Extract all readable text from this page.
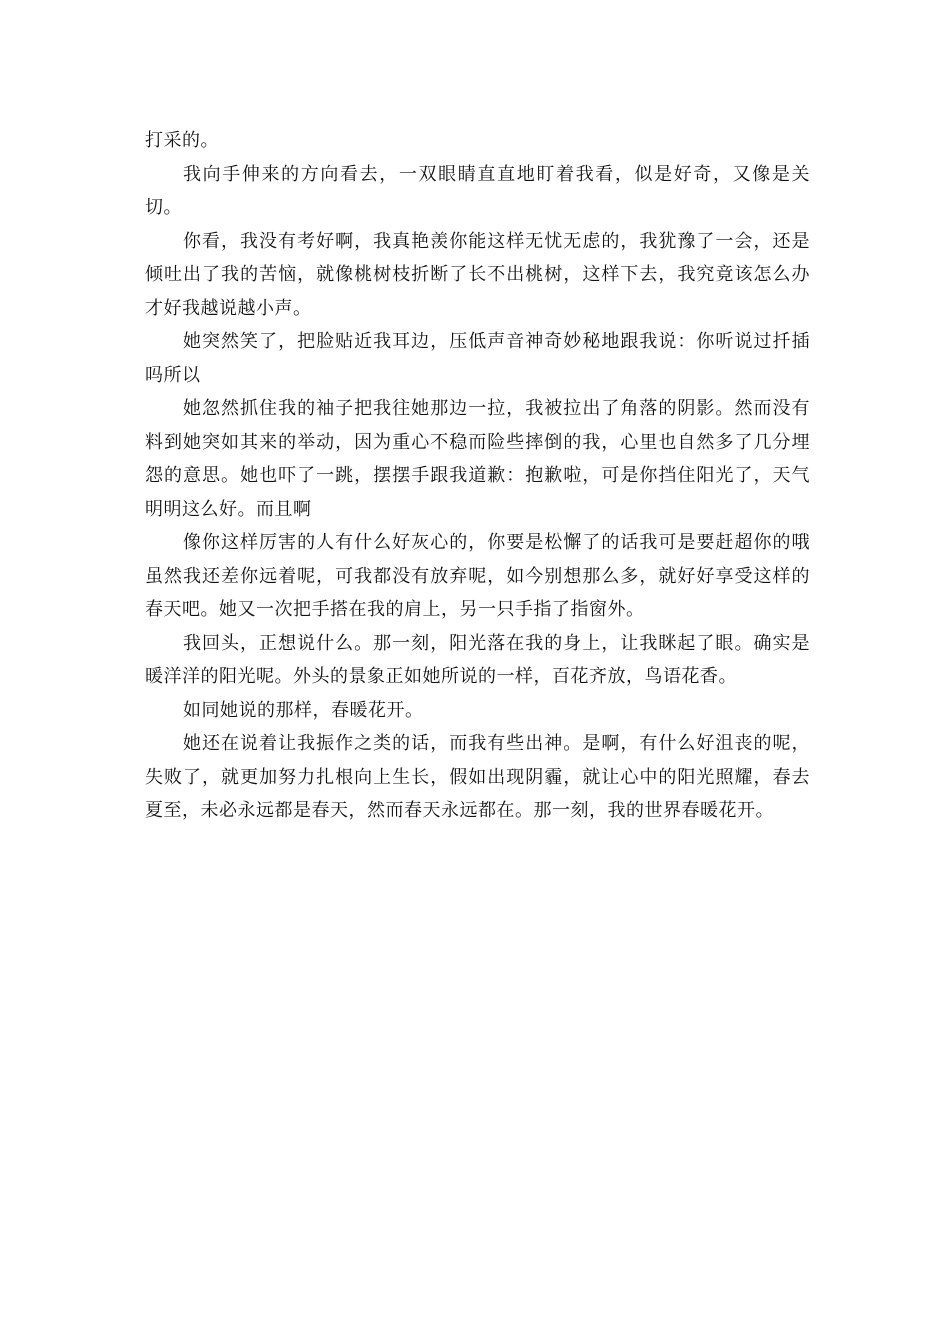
打采的。

我向手伸来的方向看去，一双眼睛直直地盯着我看，似是好奇，又像是关切。

你看，我没有考好啊，我真艳羡你能这样无忧无虑的，我犹豫了一会，还是倾吐出了我的苦恼，就像桃树枝折断了长不出桃树，这样下去，我究竟该怎么办才好我越说越小声。

她突然笑了，把脸贴近我耳边，压低声音神奇妙秘地跟我说：你听说过扦插吗所以

她忽然抓住我的袖子把我往她那边一拉，我被拉出了角落的阴影。然而没有料到她突如其来的举动，因为重心不稳而险些摔倒的我，心里也自然多了几分埋怨的意思。她也吓了一跳，摆摆手跟我道歉：抱歉啦，可是你挡住阳光了，天气明明这么好。而且啊

像你这样厉害的人有什么好灰心的，你要是松懈了的话我可是要赶超你的哦虽然我还差你远着呢，可我都没有放弃呢，如今别想那么多，就好好享受这样的春天吧。她又一次把手搭在我的肩上，另一只手指了指窗外。

我回头，正想说什么。那一刻，阳光落在我的身上，让我眯起了眼。确实是暖洋洋的阳光呢。外头的景象正如她所说的一样，百花齐放，鸟语花香。

如同她说的那样，春暖花开。

她还在说着让我振作之类的话，而我有些出神。是啊，有什么好沮丧的呢，失败了，就更加努力扎根向上生长，假如出现阴霾，就让心中的阳光照耀，春去夏至，未必永远都是春天，然而春天永远都在。那一刻，我的世界春暖花开。
